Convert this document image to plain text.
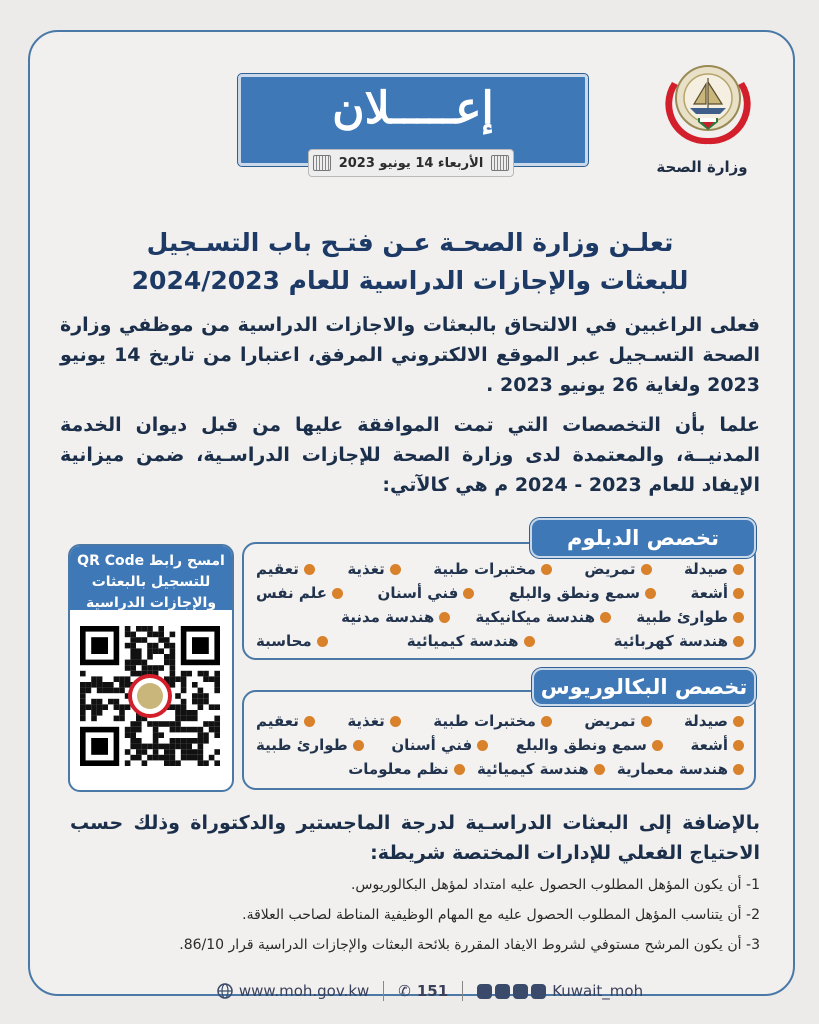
وزارة الصحة
إعـــــلان
الأربعاء 14 يونيو 2023
تعلـن وزارة الصحـة عـن فتـح باب التسـجيل
للبعثات والإجازات الدراسية للعام 2024/2023
فعلى الراغبين في الالتحاق بالبعثات والاجازات الدراسية من موظفي وزارة الصحة التسـجيل عبر الموقع الالكتروني المرفق، اعتبارا من تاريخ 14 يونيو 2023 ولغاية 26 يونيو 2023 .
علما بأن التخصصات التي تمت الموافقة عليها من قبل ديوان الخدمة المدنيــة، والمعتمدة لدى وزارة الصحة للإجازات الدراسـية، ضمن ميزانية الإيفاد للعام 2023 - 2024 م هي كالآتي:
صيدلة
تمريض
مختبرات طبية
تغذية
تعقيم
أشعة
سمع ونطق والبلع
فني أسنان
علم نفس
طوارئ طبية
هندسة ميكانيكية
هندسة مدنية
هندسة كهربائية
هندسة كيميائية
محاسبة
تخصص الدبلوم
صيدلة
تمريض
مختبرات طبية
تغذية
تعقيم
أشعة
سمع ونطق والبلع
فني أسنان
طوارئ طبية
هندسة معمارية
هندسة كيميائية
نظم معلومات
تخصص البكالوريوس
امسح رابط QR Code للتسجيل بالبعثات والإجازات الدراسية
بالإضافة إلى البعثات الدراسـية لدرجة الماجستير والدكتوراة وذلك حسب الاحتياج الفعلي للإدارات المختصة شريطة:
1- أن يكون المؤهل المطلوب الحصول عليه امتداد لمؤهل البكالوريوس.
2- أن يتناسب المؤهل المطلوب الحصول عليه مع المهام الوظيفية المناطة لصاحب العلاقة.
3- أن يكون المرشح مستوفي لشروط الايفاد المقررة بلائحة البعثات والإجازات الدراسية قرار 86/10.
www.moh.gov.kw ✆ 151	Kuwait_moh
